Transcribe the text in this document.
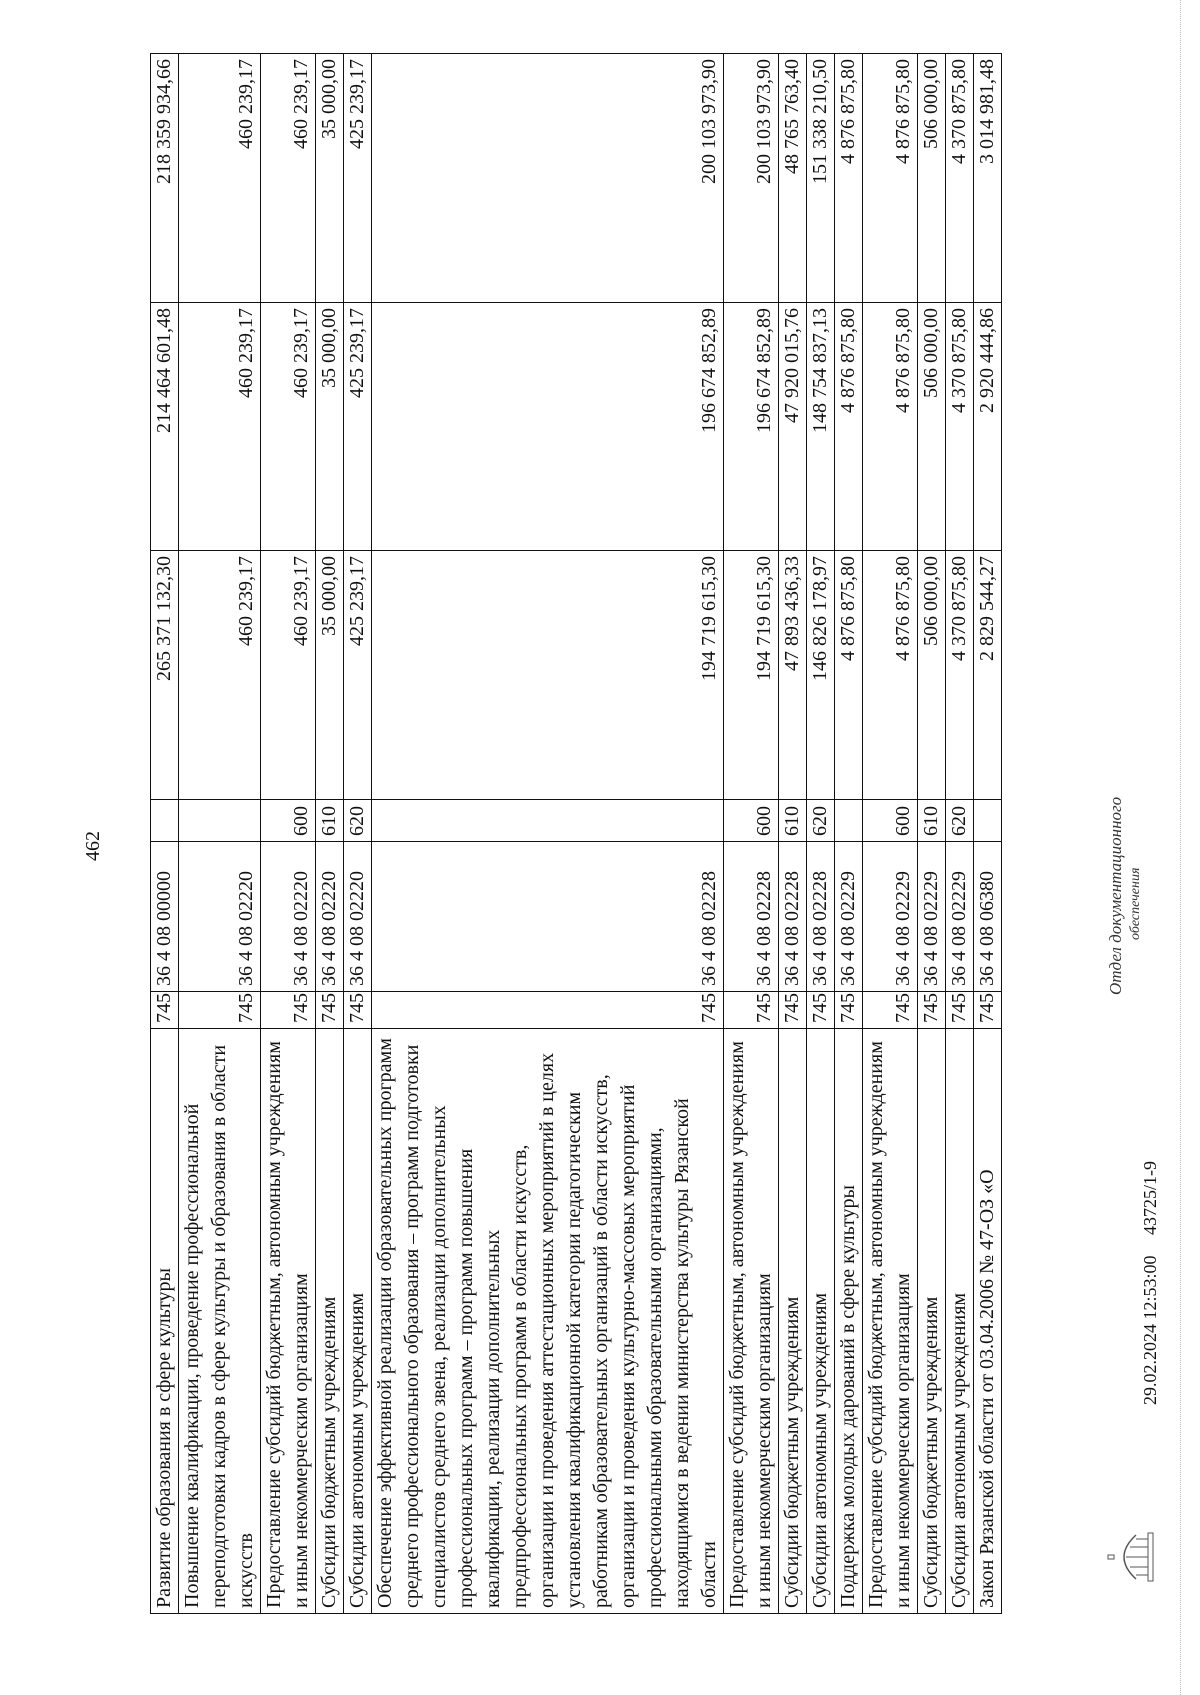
462
Развитие образования в сфере культуры	745	36 4 08 00000		265 371 132,30	214 464 601,48	218 359 934,66
Повышение квалификации, проведение профессиональной переподготовки кадров в сфере культуры и образования в области искусств	745	36 4 08 02220		460 239,17	460 239,17	460 239,17
Предоставление субсидий бюджетным, автономным учреждениям и иным некоммерческим организациям	745	36 4 08 02220	600	460 239,17	460 239,17	460 239,17
Субсидии бюджетным учреждениям	745	36 4 08 02220	610	35 000,00	35 000,00	35 000,00
Субсидии автономным учреждениям	745	36 4 08 02220	620	425 239,17	425 239,17	425 239,17
Обеспечение эффективной реализации образовательных программ среднего профессионального образования – программ подготовки специалистов среднего звена, реализации дополнительных профессиональных программ – программ повышения квалификации, реализации дополнительных предпрофессиональных программ в области искусств, организации и проведения аттестационных мероприятий в целях установления квалификационной категории педагогическим работникам образовательных организаций в области искусств, организации и проведения культурно-массовых мероприятий профессиональными образовательными организациями, находящимися в ведении министерства культуры Рязанской области	745	36 4 08 02228		194 719 615,30	196 674 852,89	200 103 973,90
Предоставление субсидий бюджетным, автономным учреждениям и иным некоммерческим организациям	745	36 4 08 02228	600	194 719 615,30	196 674 852,89	200 103 973,90
Субсидии бюджетным учреждениям	745	36 4 08 02228	610	47 893 436,33	47 920 015,76	48 765 763,40
Субсидии автономным учреждениям	745	36 4 08 02228	620	146 826 178,97	148 754 837,13	151 338 210,50
Поддержка молодых дарований в сфере культуры	745	36 4 08 02229		4 876 875,80	4 876 875,80	4 876 875,80
Предоставление субсидий бюджетным, автономным учреждениям и иным некоммерческим организациям	745	36 4 08 02229	600	4 876 875,80	4 876 875,80	4 876 875,80
Субсидии бюджетным учреждениям	745	36 4 08 02229	610	506 000,00	506 000,00	506 000,00
Субсидии автономным учреждениям	745	36 4 08 02229	620	4 370 875,80	4 370 875,80	4 370 875,80
Закон Рязанской области от 03.04.2006 № 47-ОЗ «О	745	36 4 08 06380		2 829 544,27	2 920 444,86	3 014 981,48
29.02.2024 12:53:00
43725/1-9
Отдел документационного обеспечения
